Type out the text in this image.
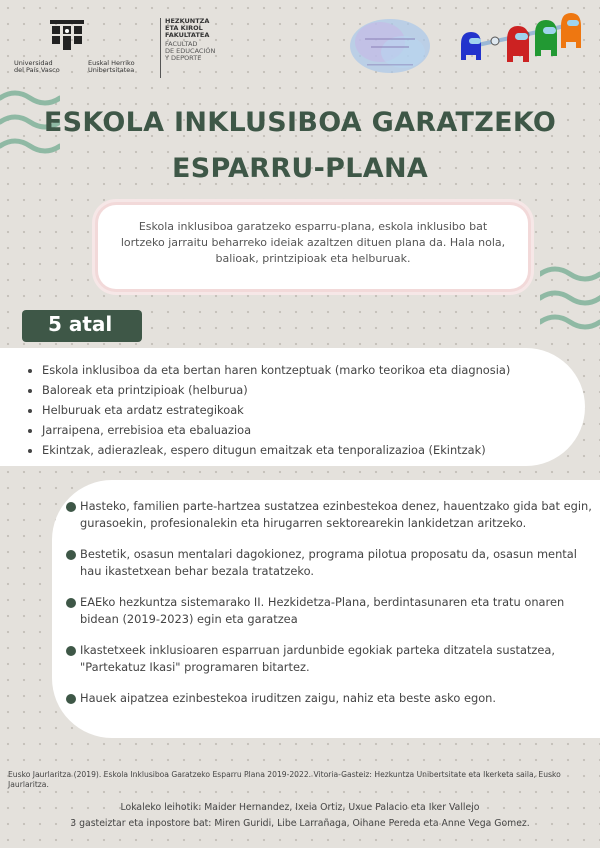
Universidad
del País Vasco
Euskal Herriko
Unibertsitatea
HEZKUNTZA
ETA KIROL
FAKULTATEA
FACULTAD
DE EDUCACIÓN
Y DEPORTE
ESKOLA INKLUSIBOA GARATZEKO
ESPARRU-PLANA
Eskola inklusiboa garatzeko esparru-plana, eskola inklusibo bat lortzeko jarraitu beharreko ideiak azaltzen dituen plana da. Hala nola, balioak, printzipioak eta helburuak.
5 atal
• Eskola inklusiboa da eta bertan haren kontzeptuak (marko teorikoa eta diagnosia)
• Baloreak eta printzipioak (helburua)
• Helburuak eta ardatz estrategikoak
• Jarraipena, errebisioa eta ebaluazioa
• Ekintzak, adierazleak, espero ditugun emaitzak eta tenporalizazioa (Ekintzak)
Hasteko, familien parte-hartzea sustatzea ezinbestekoa denez, hauentzako gida bat egin, gurasoekin, profesionalekin eta hirugarren sektorearekin lankidetzan aritzeko.
Bestetik, osasun mentalari dagokionez, programa pilotua proposatu da, osasun mental hau ikastetxean behar bezala tratatzeko.
EAEko hezkuntza sistemarako II. Hezkidetza-Plana, berdintasunaren eta tratu onaren bidean (2019-2023) egin eta garatzea
Ikastetxeek inklusioaren esparruan jardunbide egokiak parteka ditzatela sustatzea, "Partekatuz Ikasi" programaren bitartez.
Hauek aipatzea ezinbestekoa iruditzen zaigu, nahiz eta beste asko egon.
Eusko Jaurlaritza (2019). Eskola Inklusiboa Garatzeko Esparru Plana 2019-2022. Vitoria-Gasteiz: Hezkuntza Unibertsitate eta Ikerketa saila, Eusko Jaurlaritza.
Lokaleko leihotik: Maider Hernandez, Ixeia Ortiz, Uxue Palacio eta Iker Vallejo
3 gasteiztar eta inpostore bat: Miren Guridi, Libe Larrañaga, Oihane Pereda eta Anne Vega Gomez.
